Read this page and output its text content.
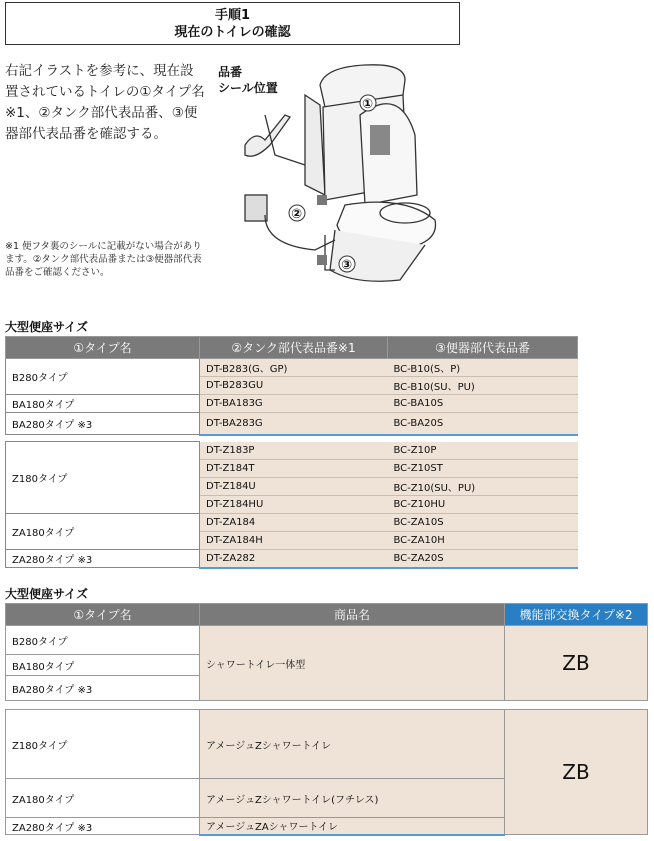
手順1
現在のトイレの確認
右記イラストを参考に、現在設置されているトイレの①タイプ名※1、②タンク部代表品番、③便器部代表品番を確認する。
※1 便フタ裏のシールに記載がない場合があります。②タンク部代表品番または③便器部代表品番をご確認ください。
品番
シール位置
①
②
③
大型便座サイズ
①タイプ名	②タンク部代表品番※1	③便器部代表品番
B280タイプ	DT-B283(G、GP)	BC-B10(S、P)
	DT-B283GU	BC-B10(SU、PU)
BA180タイプ	DT-BA183G	BC-BA10S
BA280タイプ ※3	DT-BA283G	BC-BA20S

Z180タイプ	DT-Z183P	BC-Z10P
	DT-Z184T	BC-Z10ST
	DT-Z184U	BC-Z10(SU、PU)
	DT-Z184HU	BC-Z10HU
ZA180タイプ	DT-ZA184	BC-ZA10S
	DT-ZA184H	BC-ZA10H
ZA280タイプ ※3	DT-ZA282	BC-ZA20S
大型便座サイズ
①タイプ名	商品名	機能部交換タイプ※2
B280タイプ	シャワートイレ一体型	ZB
BA180タイプ		
BA280タイプ ※3		

Z180タイプ	アメージュZシャワートイレ	ZB
ZA180タイプ	アメージュZシャワートイレ(フチレス)	
ZA280タイプ ※3	アメージュZAシャワートイレ	
